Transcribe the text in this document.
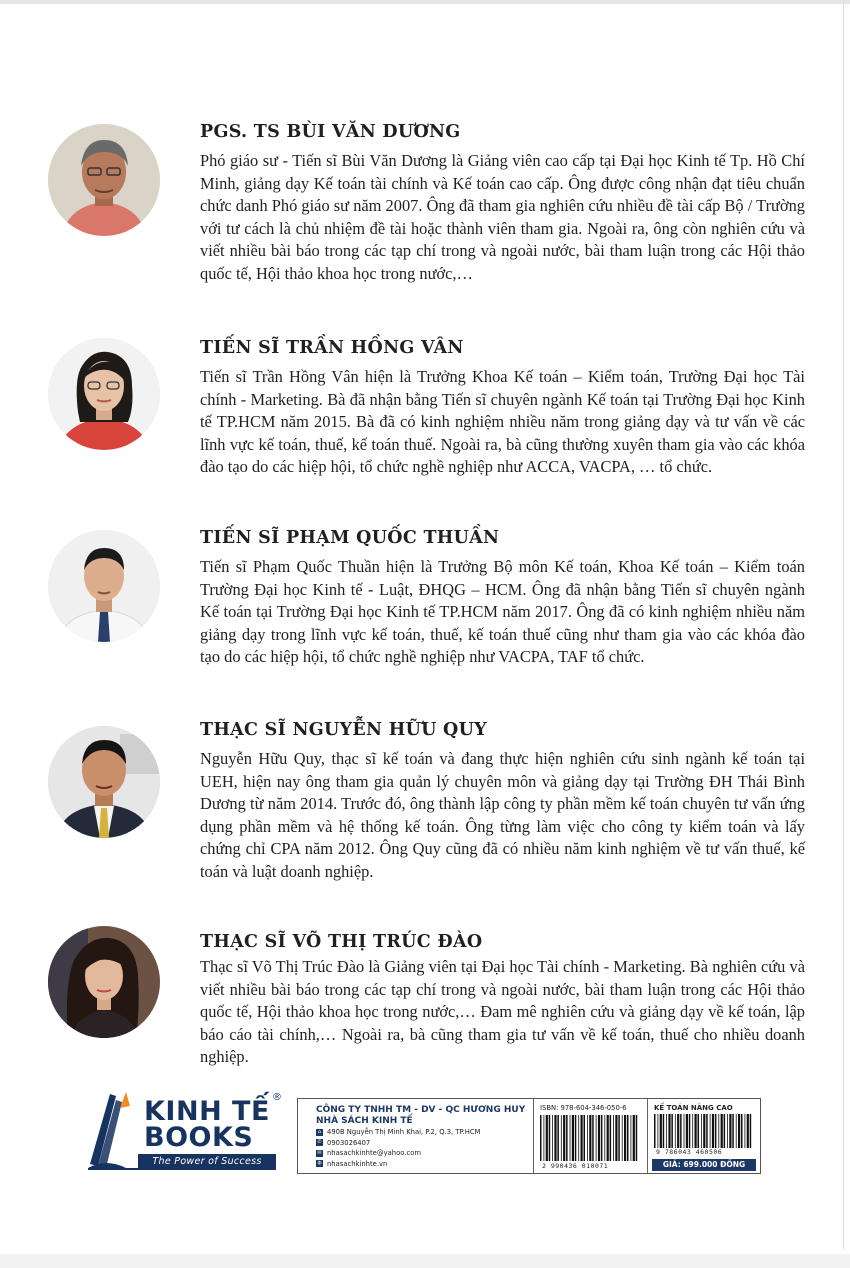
PGS. TS BÙI VĂN DƯƠNG

Phó giáo sư - Tiến sĩ Bùi Văn Dương là Giảng viên cao cấp tại Đại học Kinh tế Tp. Hồ Chí Minh, giảng dạy Kế toán tài chính và Kế toán cao cấp. Ông được công nhận đạt tiêu chuẩn chức danh Phó giáo sư năm 2007. Ông đã tham gia nghiên cứu nhiều đề tài cấp Bộ / Trường với tư cách là chủ nhiệm đề tài hoặc thành viên tham gia. Ngoài ra, ông còn nghiên cứu và viết nhiều bài báo trong các tạp chí trong và ngoài nước, bài tham luận trong các Hội thảo quốc tế, Hội thảo khoa học trong nước,…

TIẾN SĨ TRẦN HỒNG VÂN

Tiến sĩ Trần Hồng Vân hiện là Trưởng Khoa Kế toán – Kiểm toán, Trường Đại học Tài chính - Marketing. Bà đã nhận bằng Tiến sĩ chuyên ngành Kế toán tại Trường Đại học Kinh tế TP.HCM năm 2015. Bà đã có kinh nghiệm nhiều năm trong giảng dạy và tư vấn về các lĩnh vực kế toán, thuế, kế toán thuế. Ngoài ra, bà cũng thường xuyên tham gia vào các khóa đào tạo do các hiệp hội, tổ chức nghề nghiệp như ACCA, VACPA, … tổ chức.

TIẾN SĨ PHẠM QUỐC THUẦN

Tiến sĩ Phạm Quốc Thuần hiện là Trưởng Bộ môn Kế toán, Khoa Kế toán – Kiểm toán Trường Đại học Kinh tế - Luật, ĐHQG – HCM. Ông đã nhận bằng Tiến sĩ chuyên ngành Kế toán tại Trường Đại học Kinh tế TP.HCM năm 2017. Ông đã có kinh nghiệm nhiều năm giảng dạy trong lĩnh vực kế toán, thuế, kế toán thuế cũng như tham gia vào các khóa đào tạo do các hiệp hội, tổ chức nghề nghiệp như VACPA, TAF tổ chức.

THẠC SĨ NGUYỄN HỮU QUY

Nguyễn Hữu Quy, thạc sĩ kế toán và đang thực hiện nghiên cứu sinh ngành kế toán tại UEH, hiện nay ông tham gia quản lý chuyên môn và giảng dạy tại Trường ĐH Thái Bình Dương từ năm 2014. Trước đó, ông thành lập công ty phần mềm kế toán chuyên tư vấn ứng dụng phần mềm và hệ thống kế toán. Ông từng làm việc cho công ty kiểm toán và lấy chứng chỉ CPA năm 2012. Ông Quy cũng đã có nhiều năm kinh nghiệm về tư vấn thuế, kế toán và luật doanh nghiệp.

THẠC SĨ VÕ THỊ TRÚC ĐÀO

Thạc sĩ Võ Thị Trúc Đào là Giảng viên tại Đại học Tài chính - Marketing. Bà nghiên cứu và viết nhiều bài báo trong các tạp chí trong và ngoài nước, bài tham luận trong các Hội thảo quốc tế, Hội thảo khoa học trong nước,… Đam mê nghiên cứu và giảng dạy về kế toán, lập báo cáo tài chính,… Ngoài ra, bà cũng tham gia tư vấn về kế toán, thuế cho nhiều doanh nghiệp.

KINH TẾ ®
BOOKS
The Power of Success
CÔNG TY TNHH TM - DV - QC HƯƠNG HUY
NHÀ SÁCH KINH TẾ
⌂ 490B Nguyễn Thị Minh Khai, P.2, Q.3, TP.HCM
✆ 0903026407
✉ nhasachkinhte@yahoo.com
◍ nhasachkinhte.vn
ISBN: 978-604-346-050-6
2 990436 010071
KẾ TOÁN NÂNG CAO
9 786043 460506
GIÁ: 699.000 ĐỒNG
